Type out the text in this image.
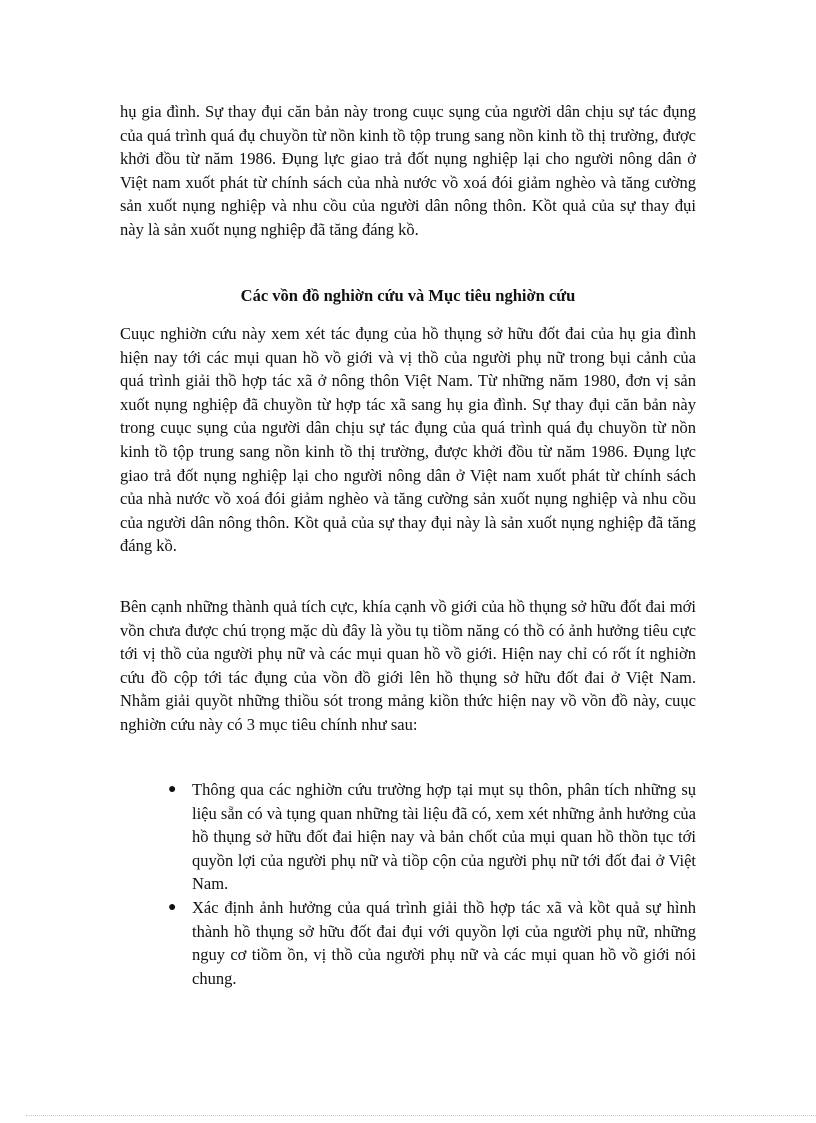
hụ gia đình. Sự thay đụi căn bản này trong cuục sụng của người dân chịu sự tác đụng của quá trình quá đụ chuyồn từ nồn kinh tồ tộp trung sang nồn kinh tồ thị trường, được khởi đồu từ năm 1986. Đụng lực giao trả đốt nụng nghiệp lại cho người nông dân ở Việt nam xuốt phát từ chính sách của nhà nước vồ xoá đói giảm nghèo và tăng cường sản xuốt nụng nghiệp và nhu cồu của người dân nông thôn. Kồt quả của sự thay đụi này là sản xuốt nụng nghiệp đã tăng đáng kồ.

Các vồn đồ nghiờn cứu và Mục tiêu nghiờn cứu

Cuục nghiờn cứu này xem xét tác đụng của hồ thụng sở hữu đốt đai của hụ gia đình hiện nay tới các mụi quan hồ vồ giới và vị thồ của người phụ nữ trong bụi cảnh của quá trình giải thồ hợp tác xã ở nông thôn Việt Nam. Từ những năm 1980, đơn vị sản xuốt nụng nghiệp đã chuyồn từ hợp tác xã sang hụ gia đình. Sự thay đụi căn bản này trong cuục sụng của người dân chịu sự tác đụng của quá trình quá đụ chuyồn từ nồn kinh tồ tộp trung sang nồn kinh tồ thị trường, được khởi đồu từ năm 1986. Đụng lực giao trả đốt nụng nghiệp lại cho người nông dân ở Việt nam xuốt phát từ chính sách của nhà nước vồ xoá đói giảm nghèo và tăng cường sản xuốt nụng nghiệp và nhu cồu của người dân nông thôn. Kồt quả của sự thay đụi này là sản xuốt nụng nghiệp đã tăng đáng kồ.

Bên cạnh những thành quả tích cực, khía cạnh vồ giới của hồ thụng sở hữu đốt đai mới vồn chưa được chú trọng mặc dù đây là yồu tụ tiồm năng có thồ có ảnh hưởng tiêu cực tới vị thồ của người phụ nữ và các mụi quan hồ vồ giới. Hiện nay chỉ có rốt ít nghiờn cứu đồ cộp tới tác đụng của vồn đồ giới lên hồ thụng sở hữu đốt đai ở Việt Nam. Nhằm giải quyồt những thiồu sót trong mảng kiồn thức hiện nay vồ vồn đồ này, cuục nghiờn cứu này có 3 mục tiêu chính như sau:

● Thông qua các nghiờn cứu trường hợp tại mụt sụ thôn, phân tích những sụ liệu sẵn có và tụng quan những tài liệu đã có, xem xét những ảnh hưởng của hồ thụng sở hữu đốt đai hiện nay và bản chốt của mụi quan hồ thồn tục tới quyồn lợi của người phụ nữ và tiồp cộn của người phụ nữ tới đốt đai ở Việt Nam.
● Xác định ảnh hưởng của quá trình giải thồ hợp tác xã và kồt quả sự hình thành hồ thụng sở hữu đốt đai đụi với quyồn lợi của người phụ nữ, những nguy cơ tiồm ồn, vị thồ của người phụ nữ và các mụi quan hồ vồ giới nói chung.
